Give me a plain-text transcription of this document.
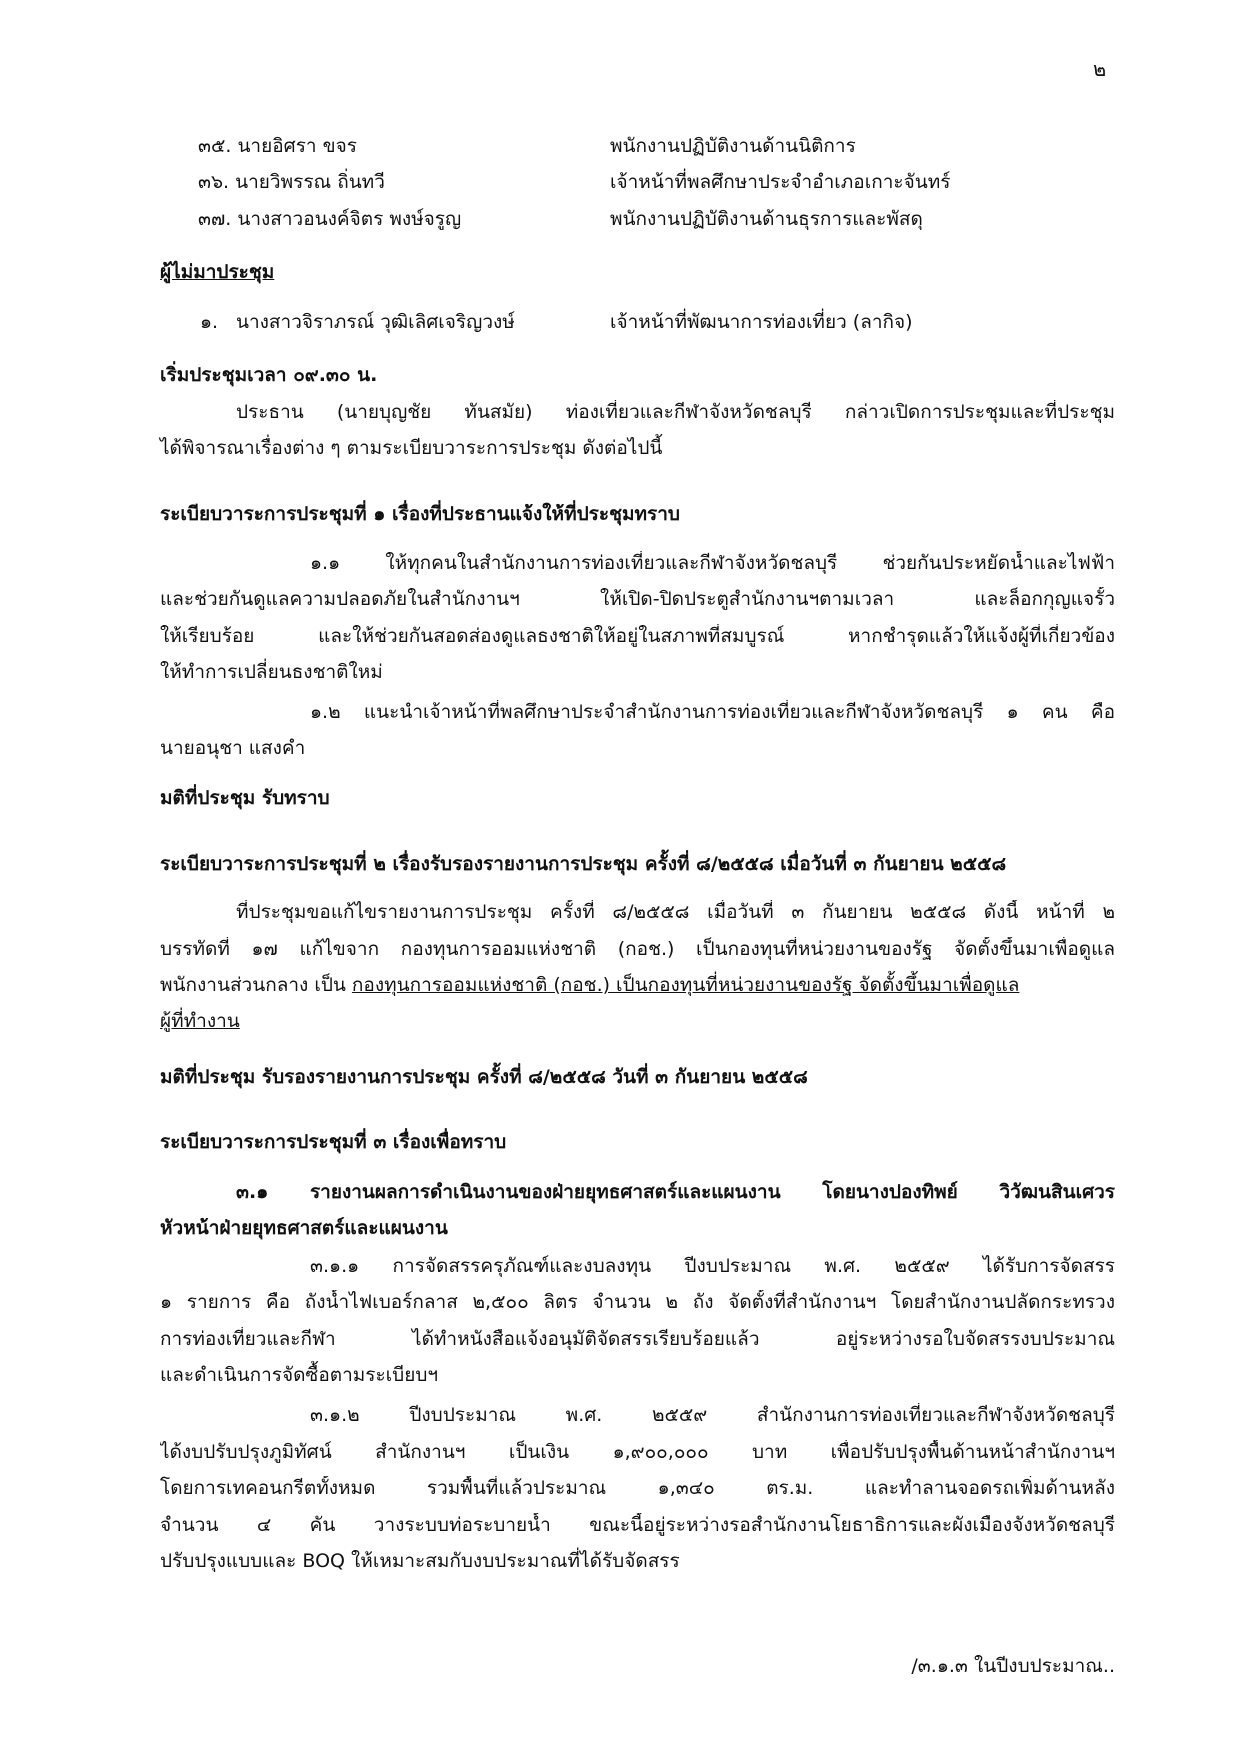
๒
๓๕. นายอิศรา ขจร	พนักงานปฏิบัติงานด้านนิติการ
๓๖. นายวิพรรณ ถิ่นทวี	เจ้าหน้าที่พลศึกษาประจำอำเภอเกาะจันทร์
๓๗. นางสาวอนงค์จิตร พงษ์จรูญ	พนักงานปฏิบัติงานด้านธุรการและพัสดุ
ผู้ไม่มาประชุม
๑. นางสาวจิราภรณ์ วุฒิเลิศเจริญวงษ์	เจ้าหน้าที่พัฒนาการท่องเที่ยว (ลากิจ)
เริ่มประชุมเวลา ๐๙.๓๐ น.
ประธาน (นายบุญชัย ทันสมัย) ท่องเที่ยวและกีฬาจังหวัดชลบุรี กล่าวเปิดการประชุมและที่ประชุม
ได้พิจารณาเรื่องต่าง ๆ ตามระเบียบวาระการประชุม ดังต่อไปนี้
ระเบียบวาระการประชุมที่ ๑ เรื่องที่ประธานแจ้งให้ที่ประชุมทราบ
๑.๑ ให้ทุกคนในสำนักงานการท่องเที่ยวและกีฬาจังหวัดชลบุรี ช่วยกันประหยัดน้ำและไฟฟ้า
และช่วยกันดูแลความปลอดภัยในสำนักงานฯ ให้เปิด-ปิดประตูสำนักงานฯตามเวลา และล็อกกุญแจรั้ว
ให้เรียบร้อย และให้ช่วยกันสอดส่องดูแลธงชาติให้อยู่ในสภาพที่สมบูรณ์ หากชำรุดแล้วให้แจ้งผู้ที่เกี่ยวข้อง
ให้ทำการเปลี่ยนธงชาติใหม่
๑.๒ แนะนำเจ้าหน้าที่พลศึกษาประจำสำนักงานการท่องเที่ยวและกีฬาจังหวัดชลบุรี ๑ คน คือ
นายอนุชา แสงคำ
มติที่ประชุม รับทราบ
ระเบียบวาระการประชุมที่ ๒ เรื่องรับรองรายงานการประชุม ครั้งที่ ๘/๒๕๕๘ เมื่อวันที่ ๓ กันยายน ๒๕๕๘
ที่ประชุมขอแก้ไขรายงานการประชุม ครั้งที่ ๘/๒๕๕๘ เมื่อวันที่ ๓ กันยายน ๒๕๕๘ ดังนี้ หน้าที่ ๒
บรรทัดที่ ๑๗ แก้ไขจาก กองทุนการออมแห่งชาติ (กอช.) เป็นกองทุนที่หน่วยงานของรัฐ จัดตั้งขึ้นมาเพื่อดูแล
พนักงานส่วนกลาง เป็น กองทุนการออมแห่งชาติ (กอช.) เป็นกองทุนที่หน่วยงานของรัฐ จัดตั้งขึ้นมาเพื่อดูแล
ผู้ที่ทำงาน
มติที่ประชุม รับรองรายงานการประชุม ครั้งที่ ๘/๒๕๕๘ วันที่ ๓ กันยายน ๒๕๕๘
ระเบียบวาระการประชุมที่ ๓ เรื่องเพื่อทราบ
๓.๑ รายงานผลการดำเนินงานของฝ่ายยุทธศาสตร์และแผนงาน โดยนางปองทิพย์ วิวัฒนสินเศวร
หัวหน้าฝ่ายยุทธศาสตร์และแผนงาน
๓.๑.๑ การจัดสรรครุภัณฑ์และงบลงทุน ปีงบประมาณ พ.ศ. ๒๕๕๙ ได้รับการจัดสรร
๑ รายการ คือ ถังน้ำไฟเบอร์กลาส ๒,๕๐๐ ลิตร จำนวน ๒ ถัง จัดตั้งที่สำนักงานฯ โดยสำนักงานปลัดกระทรวง
การท่องเที่ยวและกีฬา ได้ทำหนังสือแจ้งอนุมัติจัดสรรเรียบร้อยแล้ว อยู่ระหว่างรอใบจัดสรรงบประมาณ
และดำเนินการจัดซื้อตามระเบียบฯ
๓.๑.๒ ปีงบประมาณ พ.ศ. ๒๕๕๙ สำนักงานการท่องเที่ยวและกีฬาจังหวัดชลบุรี
ได้งบปรับปรุงภูมิทัศน์ สำนักงานฯ เป็นเงิน ๑,๙๐๐,๐๐๐ บาท เพื่อปรับปรุงพื้นด้านหน้าสำนักงานฯ
โดยการเทคอนกรีตทั้งหมด รวมพื้นที่แล้วประมาณ ๑,๓๔๐ ตร.ม. และทำลานจอดรถเพิ่มด้านหลัง
จำนวน ๔ คัน วางระบบท่อระบายน้ำ ขณะนี้อยู่ระหว่างรอสำนักงานโยธาธิการและผังเมืองจังหวัดชลบุรี
ปรับปรุงแบบและ BOQ ให้เหมาะสมกับงบประมาณที่ได้รับจัดสรร
/๓.๑.๓ ในปีงบประมาณ..
